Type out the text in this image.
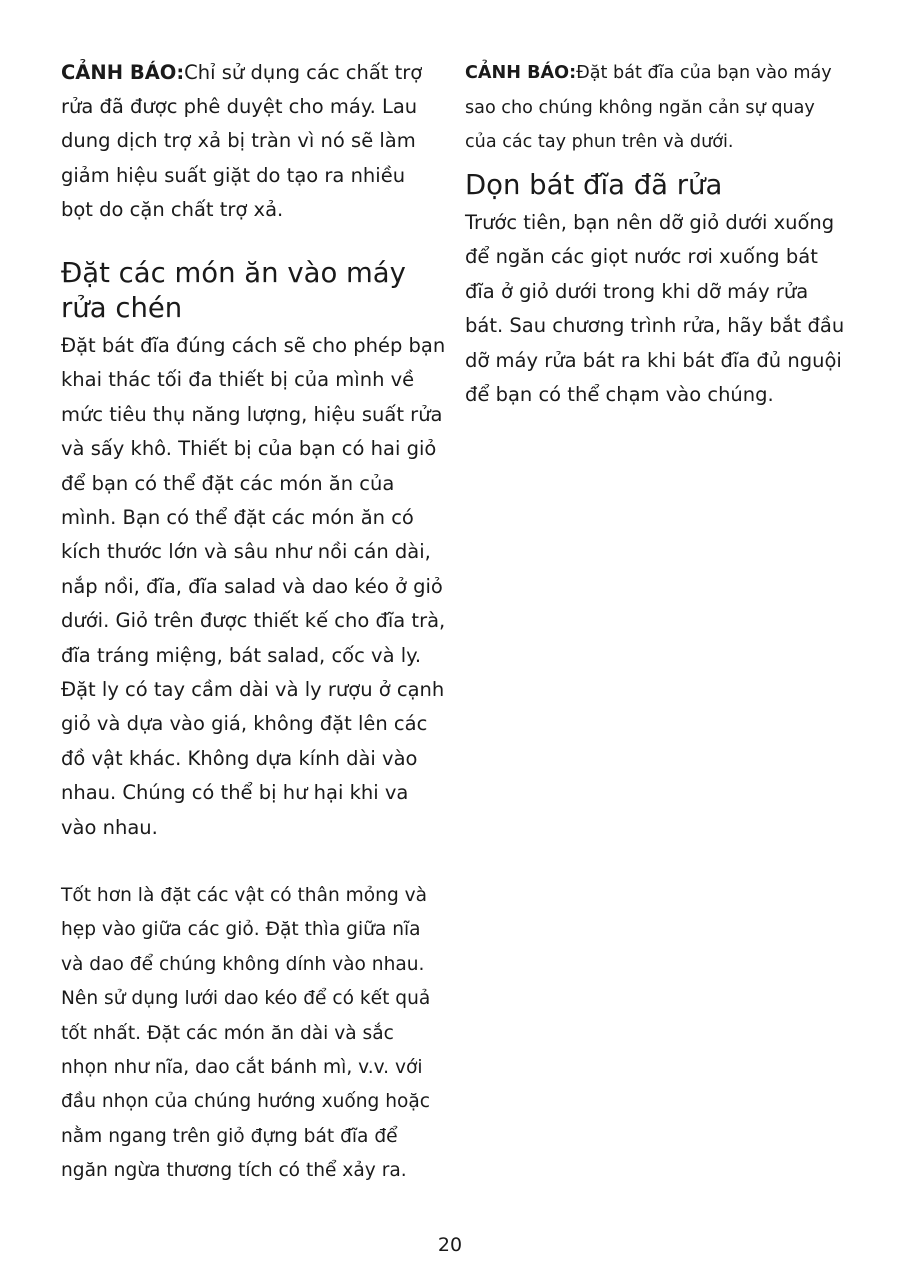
CẢNH BÁO:Chỉ sử dụng các chất trợ rửa đã được phê duyệt cho máy. Lau dung dịch trợ xả bị tràn vì nó sẽ làm giảm hiệu suất giặt do tạo ra nhiều bọt do cặn chất trợ xả.

Đặt các món ăn vào máy rửa chén

Đặt bát đĩa đúng cách sẽ cho phép bạn khai thác tối đa thiết bị của mình về mức tiêu thụ năng lượng, hiệu suất rửa và sấy khô. Thiết bị của bạn có hai giỏ để bạn có thể đặt các món ăn của mình. Bạn có thể đặt các món ăn có kích thước lớn và sâu như nồi cán dài, nắp nồi, đĩa, đĩa salad và dao kéo ở giỏ dưới. Giỏ trên được thiết kế cho đĩa trà, đĩa tráng miệng, bát salad, cốc và ly. Đặt ly có tay cầm dài và ly rượu ở cạnh giỏ và dựa vào giá, không đặt lên các đồ vật khác. Không dựa kính dài vào nhau. Chúng có thể bị hư hại khi va vào nhau.

Tốt hơn là đặt các vật có thân mỏng và hẹp vào giữa các giỏ. Đặt thìa giữa nĩa và dao để chúng không dính vào nhau. Nên sử dụng lưới dao kéo để có kết quả tốt nhất. Đặt các món ăn dài và sắc nhọn như nĩa, dao cắt bánh mì, v.v. với đầu nhọn của chúng hướng xuống hoặc nằm ngang trên giỏ đựng bát đĩa để ngăn ngừa thương tích có thể xảy ra.

CẢNH BÁO:Đặt bát đĩa của bạn vào máy sao cho chúng không ngăn cản sự quay của các tay phun trên và dưới.

Dọn bát đĩa đã rửa

Trước tiên, bạn nên dỡ giỏ dưới xuống để ngăn các giọt nước rơi xuống bát đĩa ở giỏ dưới trong khi dỡ máy rửa bát. Sau chương trình rửa, hãy bắt đầu dỡ máy rửa bát ra khi bát đĩa đủ nguội để bạn có thể chạm vào chúng.

20
